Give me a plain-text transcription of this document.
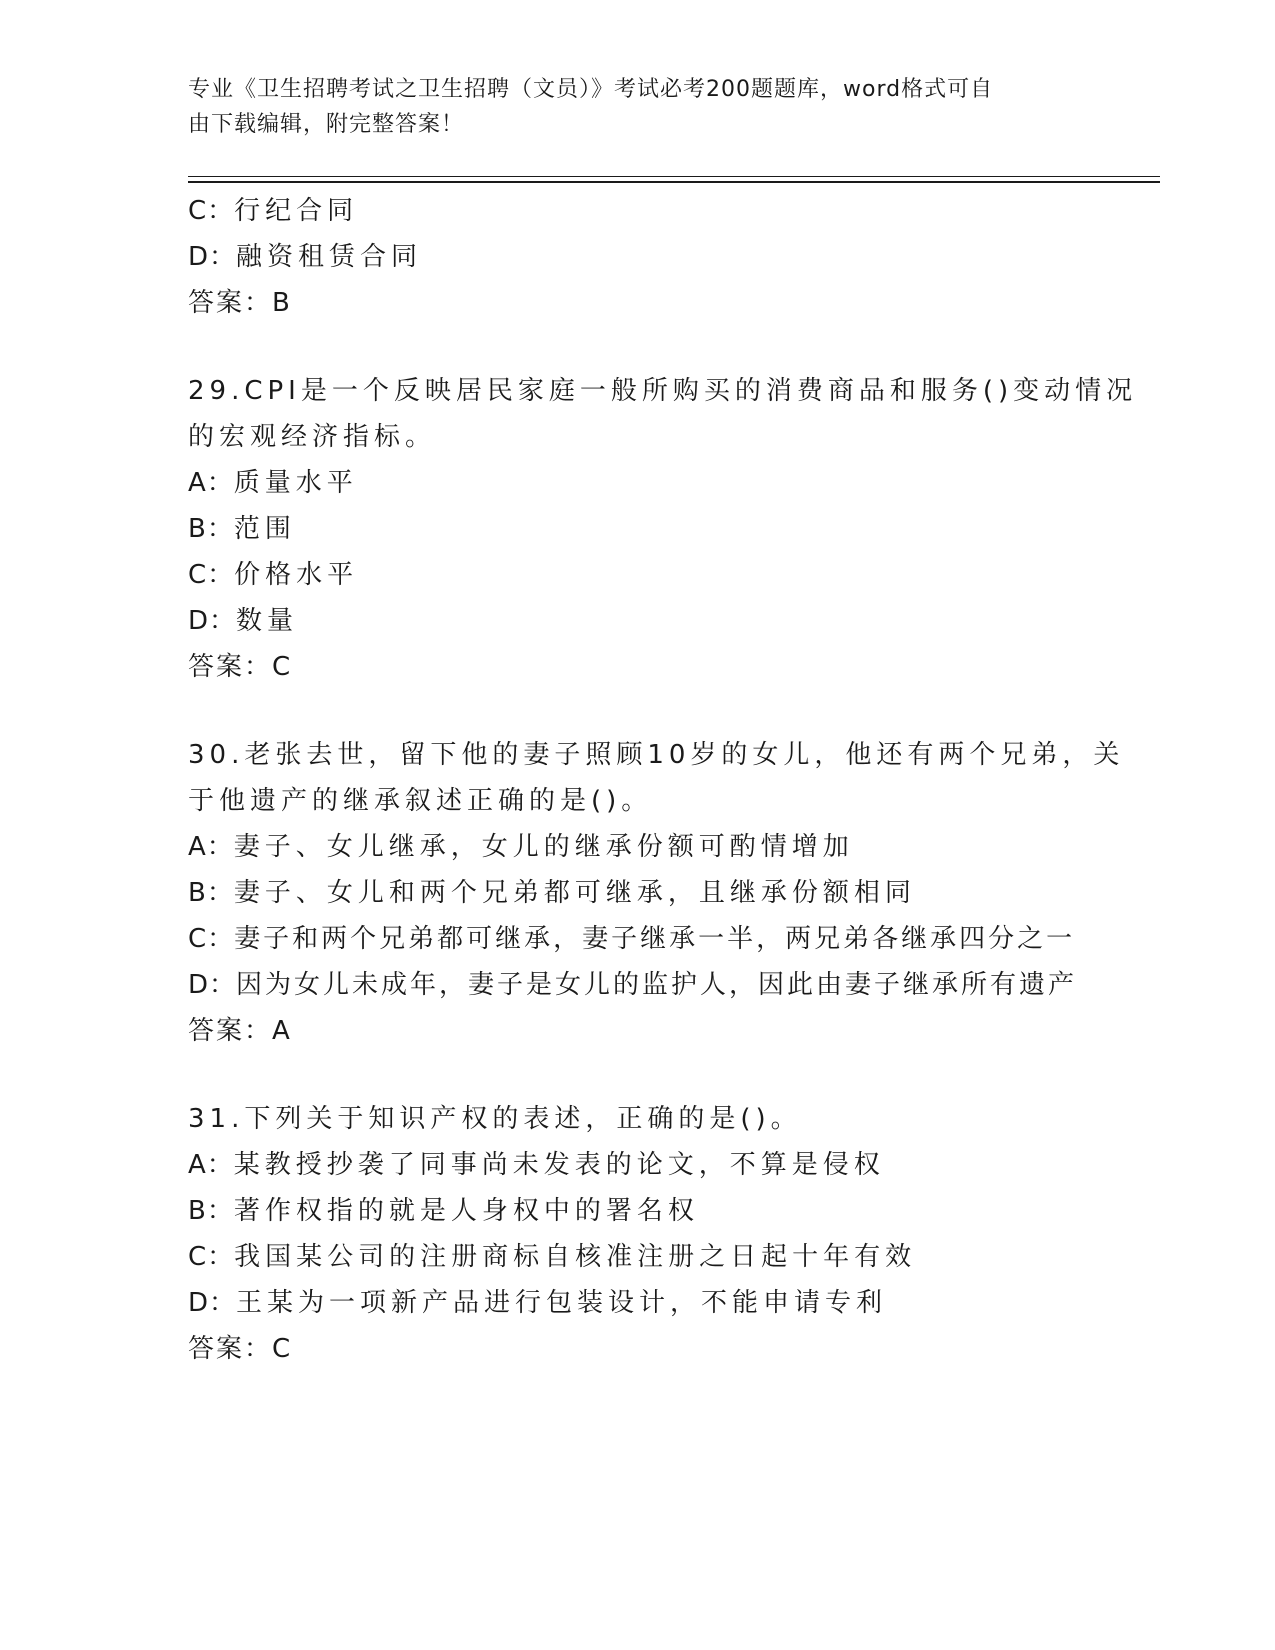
专业《卫生招聘考试之卫生招聘（文员）》考试必考200题题库，word格式可自
由下载编辑，附完整答案！
C：行纪合同
D：融资租赁合同
答案：B
29.CPI是一个反映居民家庭一般所购买的消费商品和服务()变动情况
的宏观经济指标。
A：质量水平
B：范围
C：价格水平
D：数量
答案：C
30.老张去世，留下他的妻子照顾10岁的女儿，他还有两个兄弟，关
于他遗产的继承叙述正确的是()。
A：妻子、女儿继承，女儿的继承份额可酌情增加
B：妻子、女儿和两个兄弟都可继承，且继承份额相同
C：妻子和两个兄弟都可继承，妻子继承一半，两兄弟各继承四分之一
D：因为女儿未成年，妻子是女儿的监护人，因此由妻子继承所有遗产
答案：A
31.下列关于知识产权的表述，正确的是()。
A：某教授抄袭了同事尚未发表的论文，不算是侵权
B：著作权指的就是人身权中的署名权
C：我国某公司的注册商标自核准注册之日起十年有效
D：王某为一项新产品进行包装设计，不能申请专利
答案：C
